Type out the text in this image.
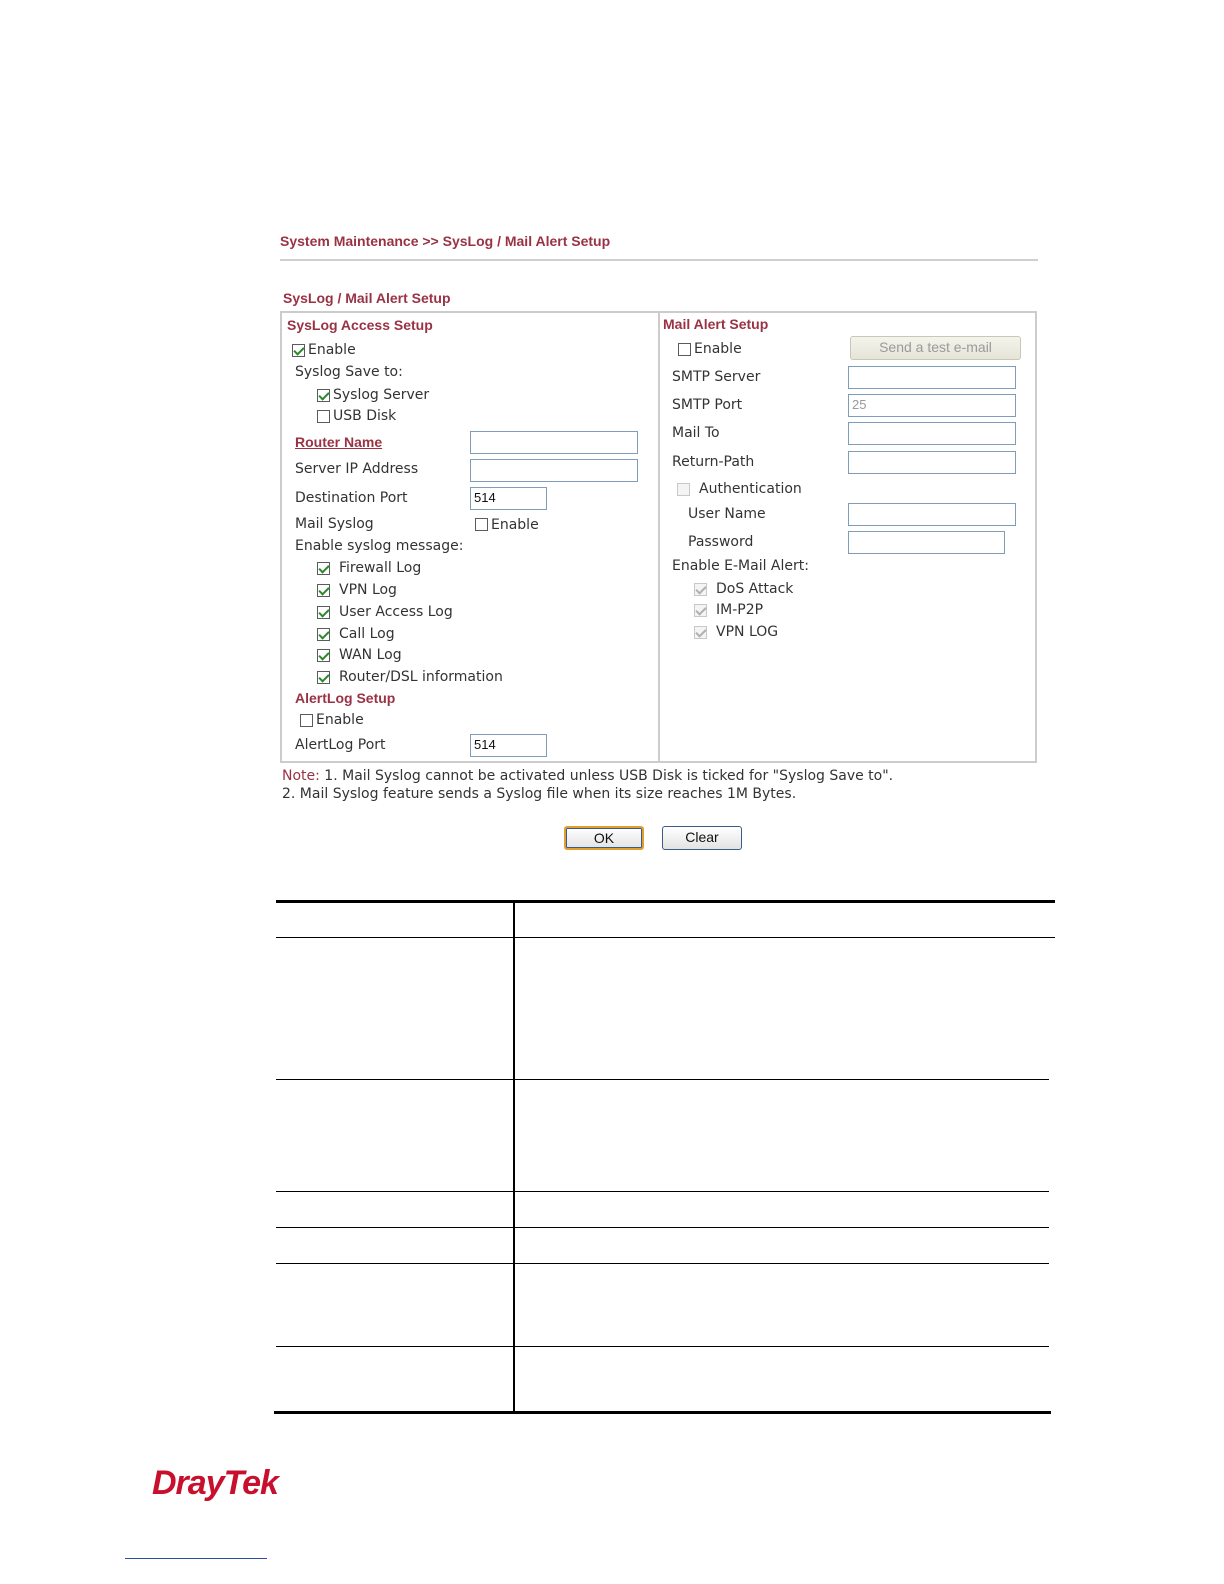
System Maintenance >> SysLog / Mail Alert Setup
SysLog / Mail Alert Setup
SysLog Access Setup
Enable
Syslog Save to:
Syslog Server
USB Disk
Router Name
Server IP Address
Destination Port	514
Mail Syslog	Enable
Enable syslog message:
Firewall Log
VPN Log
User Access Log
Call Log
WAN Log
Router/DSL information
AlertLog Setup
Enable
AlertLog Port	514
Mail Alert Setup
Enable	Send a test e-mail
SMTP Server
SMTP Port	25
Mail To
Return-Path
Authentication
User Name
Password
Enable E-Mail Alert:
DoS Attack
IM-P2P
VPN LOG
Note: 1. Mail Syslog cannot be activated unless USB Disk is ticked for "Syslog Save to".
2. Mail Syslog feature sends a Syslog file when its size reaches 1M Bytes.
OK	Clear
DrayTek
